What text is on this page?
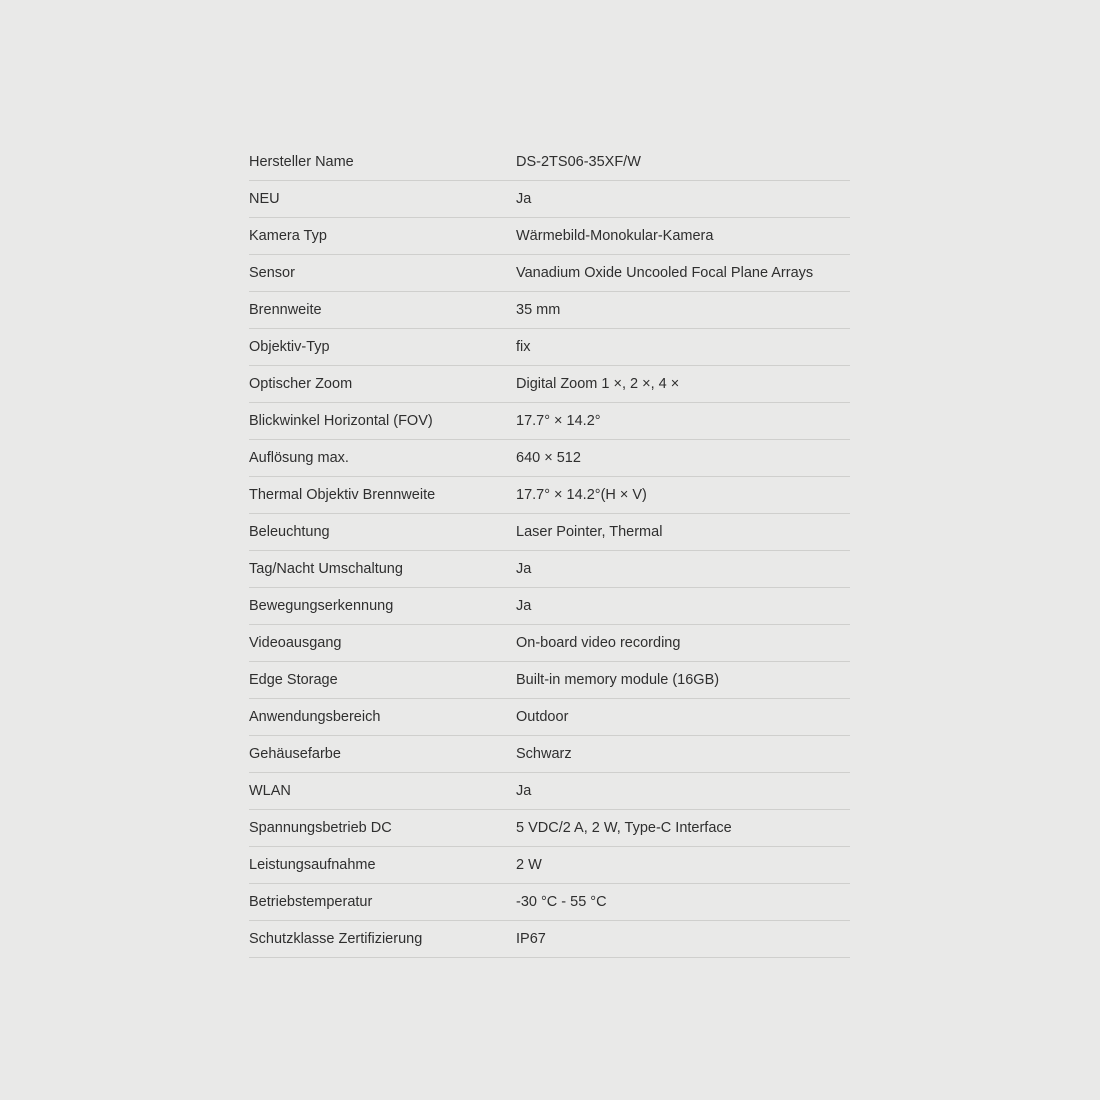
Hersteller Name	DS-2TS06-35XF/W
NEU	Ja
Kamera Typ	Wärmebild-Monokular-Kamera
Sensor	Vanadium Oxide Uncooled Focal Plane Arrays
Brennweite	35 mm
Objektiv-Typ	fix
Optischer Zoom	Digital Zoom 1 ×, 2 ×, 4 ×
Blickwinkel Horizontal (FOV)	17.7° × 14.2°
Auflösung max.	640 × 512
Thermal Objektiv Brennweite	17.7° × 14.2°(H × V)
Beleuchtung	Laser Pointer, Thermal
Tag/Nacht Umschaltung	Ja
Bewegungserkennung	Ja
Videoausgang	On-board video recording
Edge Storage	Built-in memory module (16GB)
Anwendungsbereich	Outdoor
Gehäusefarbe	Schwarz
WLAN	Ja
Spannungsbetrieb DC	5 VDC/2 A, 2 W, Type-C Interface
Leistungsaufnahme	2 W
Betriebstemperatur	-30 °C - 55 °C
Schutzklasse Zertifizierung	IP67
